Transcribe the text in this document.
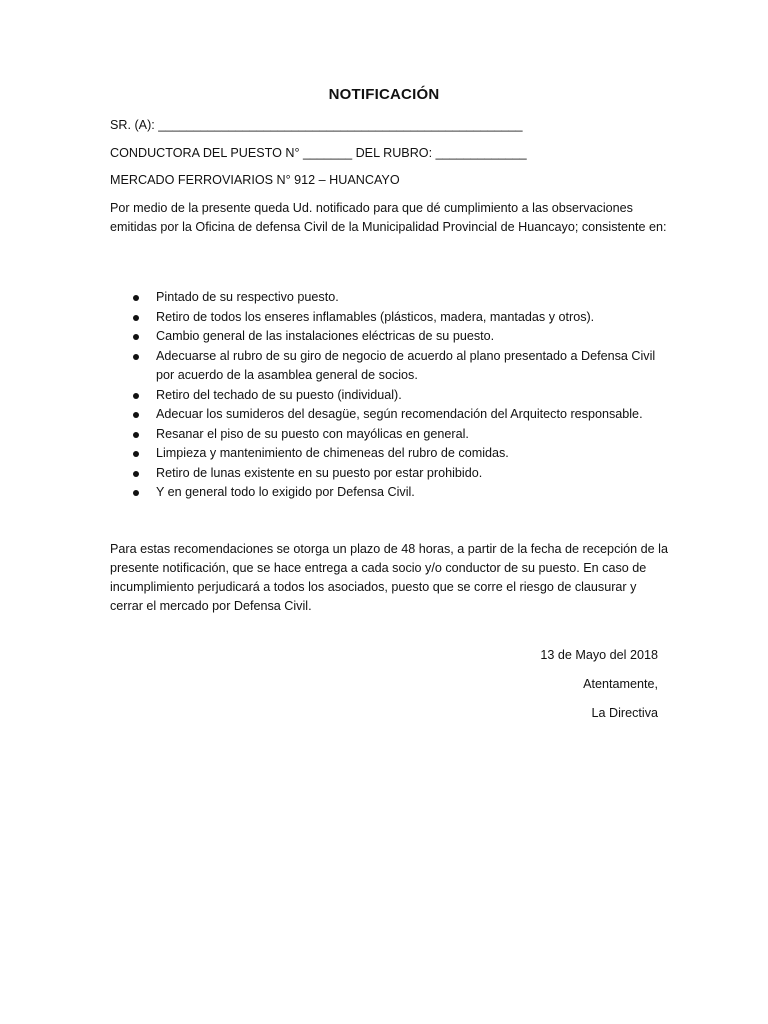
NOTIFICACIÓN
SR. (A): ____________________________________________________
CONDUCTORA DEL PUESTO N° _______ DEL RUBRO: _____________
MERCADO FERROVIARIOS N° 912 – HUANCAYO
Por medio de la presente queda Ud. notificado para que dé cumplimiento a las observaciones emitidas por la Oficina de defensa Civil de la Municipalidad Provincial de Huancayo; consistente en:
Pintado de su respectivo puesto.
Retiro de todos los enseres inflamables (plásticos, madera, mantadas y otros).
Cambio general de las instalaciones eléctricas de su puesto.
Adecuarse al rubro de su giro de negocio de acuerdo al plano presentado a Defensa Civil por acuerdo de la asamblea general de socios.
Retiro del techado de su puesto (individual).
Adecuar los sumideros del desagüe, según recomendación del Arquitecto responsable.
Resanar el piso de su puesto con mayólicas en general.
Limpieza y mantenimiento de chimeneas del rubro de comidas.
Retiro de lunas existente en su puesto por estar prohibido.
Y en general todo lo exigido por Defensa Civil.
Para estas recomendaciones se otorga un plazo de 48 horas, a partir de la fecha de recepción de la presente notificación, que se hace entrega a cada socio y/o conductor de su puesto. En caso de incumplimiento perjudicará a todos los asociados, puesto que se corre el riesgo de clausurar y cerrar el mercado por Defensa Civil.
13 de Mayo del 2018
Atentamente,
La Directiva
